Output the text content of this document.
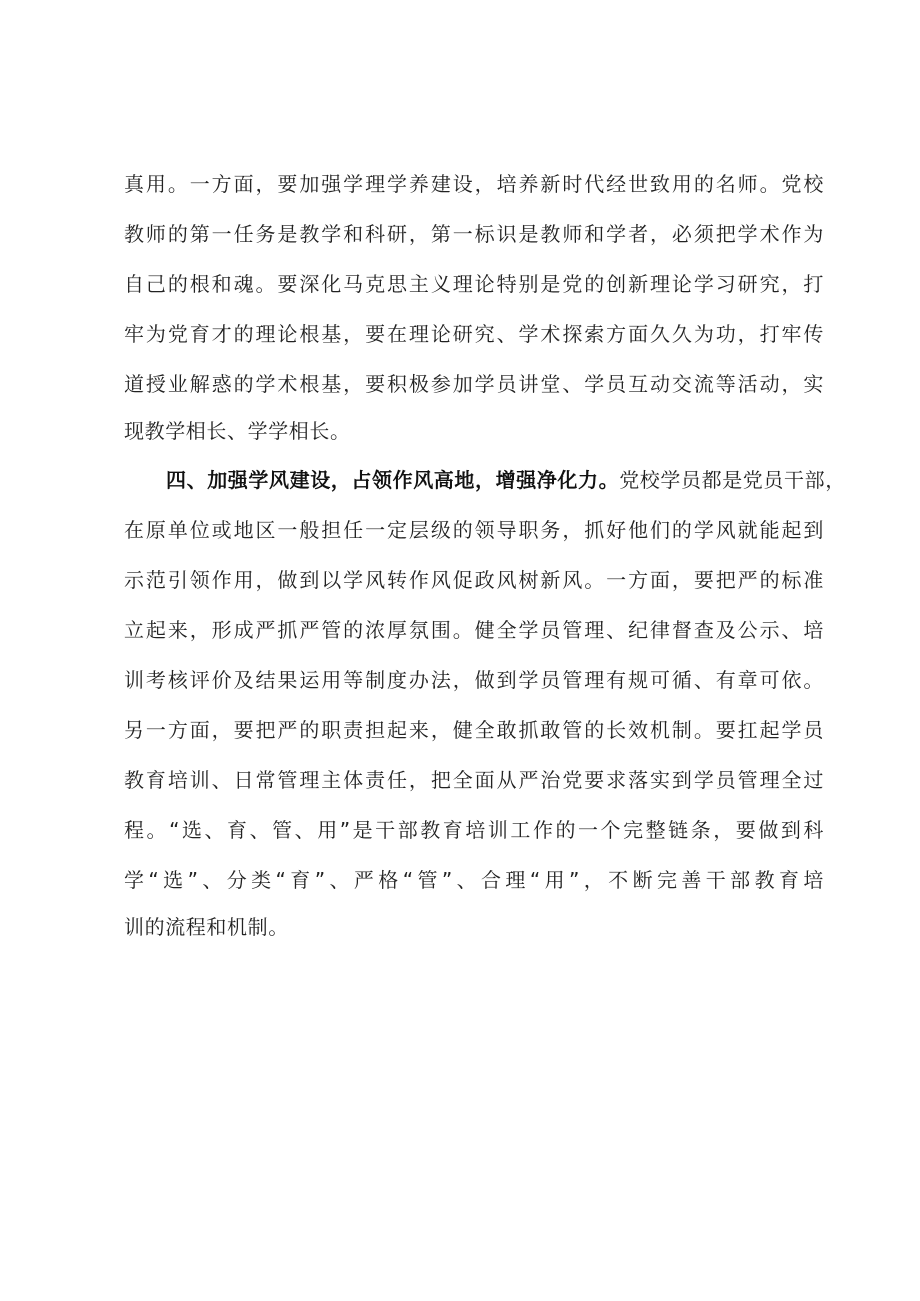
真用。一方面，要加强学理学养建设，培养新时代经世致用的名师。党校

教师的第一任务是教学和科研，第一标识是教师和学者，必须把学术作为

自己的根和魂。要深化马克思主义理论特别是党的创新理论学习研究，打

牢为党育才的理论根基，要在理论研究、学术探索方面久久为功，打牢传

道授业解惑的学术根基，要积极参加学员讲堂、学员互动交流等活动，实

现教学相长、学学相长。

四、加强学风建设，占领作风高地，增强净化力。党校学员都是党员干部，

在原单位或地区一般担任一定层级的领导职务，抓好他们的学风就能起到

示范引领作用，做到以学风转作风促政风树新风。一方面，要把严的标准

立起来，形成严抓严管的浓厚氛围。健全学员管理、纪律督查及公示、培

训考核评价及结果运用等制度办法，做到学员管理有规可循、有章可依。

另一方面，要把严的职责担起来，健全敢抓敢管的长效机制。要扛起学员

教育培训、日常管理主体责任，把全面从严治党要求落实到学员管理全过

程。“选、育、管、用”是干部教育培训工作的一个完整链条，要做到科

学“选”、分类“育”、严格“管”、合理“用”，不断完善干部教育培

训的流程和机制。
